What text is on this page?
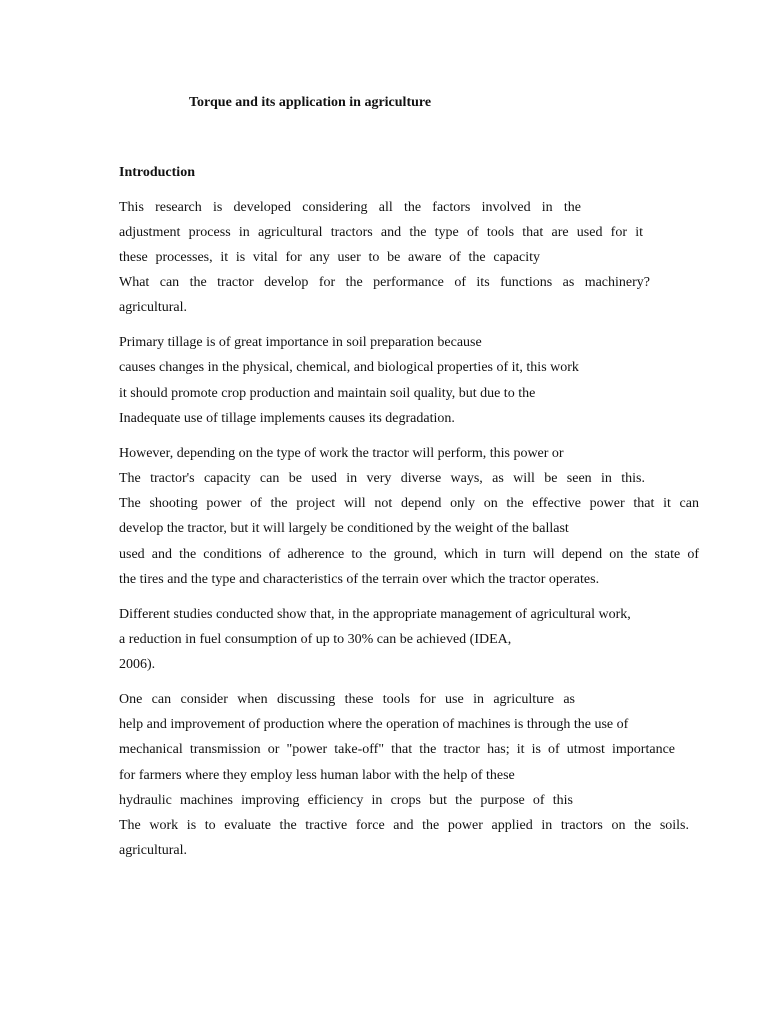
Torque and its application in agriculture
Introduction
This research is developed considering all the factors involved in the
adjustment process in agricultural tractors and the type of tools that are used for it
these processes, it is vital for any user to be aware of the capacity
What can the tractor develop for the performance of its functions as machinery?
agricultural.
Primary tillage is of great importance in soil preparation because
causes changes in the physical, chemical, and biological properties of it, this work
it should promote crop production and maintain soil quality, but due to the
Inadequate use of tillage implements causes its degradation.
However, depending on the type of work the tractor will perform, this power or
The tractor's capacity can be used in very diverse ways, as will be seen in this.
The shooting power of the project will not depend only on the effective power that it can
develop the tractor, but it will largely be conditioned by the weight of the ballast
used and the conditions of adherence to the ground, which in turn will depend on the state of
the tires and the type and characteristics of the terrain over which the tractor operates.
Different studies conducted show that, in the appropriate management of agricultural work,
a reduction in fuel consumption of up to 30% can be achieved (IDEA,
2006).
One can consider when discussing these tools for use in agriculture as
help and improvement of production where the operation of machines is through the use of
mechanical transmission or "power take-off" that the tractor has; it is of utmost importance
for farmers where they employ less human labor with the help of these
hydraulic machines improving efficiency in crops but the purpose of this
The work is to evaluate the tractive force and the power applied in tractors on the soils.
agricultural.
